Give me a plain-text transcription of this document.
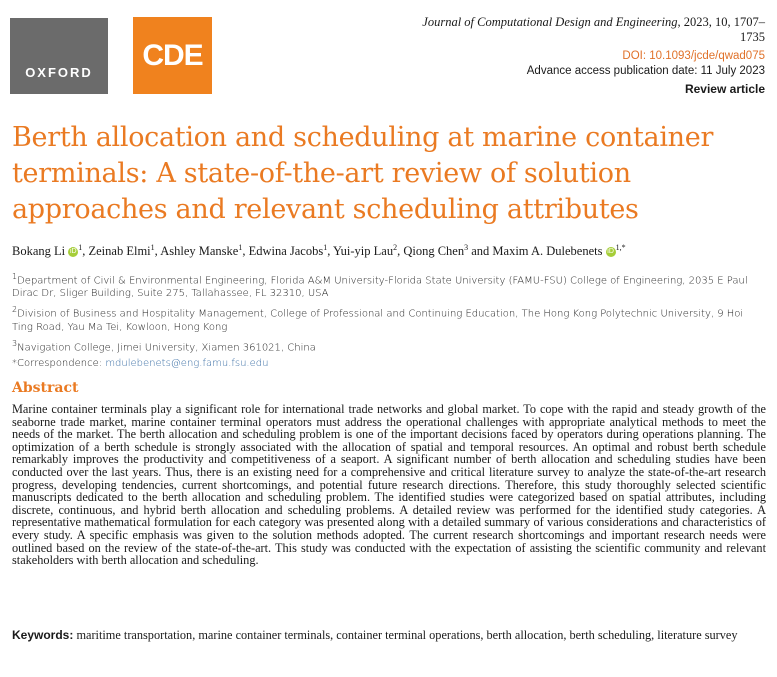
OXFORD
CDE
Journal of Computational Design and Engineering, 2023, 10, 1707–1735
DOI: 10.1093/jcde/qwad075
Advance access publication date: 11 July 2023
Review article
Berth allocation and scheduling at marine container terminals: A state-of-the-art review of solution approaches and relevant scheduling attributes
Bokang Li iD $^1$, Zeinab Elmi$^1$, Ashley Manske$^1$, Edwina Jacobs$^1$, Yui-yip Lau$^2$, Qiong Chen$^3$ and Maxim A. Dulebenets iD $^{1,*}$

$^1$Department of Civil & Environmental Engineering, Florida A&M University-Florida State University (FAMU-FSU) College of Engineering, 2035 E Paul Dirac Dr, Sliger Building, Suite 275, Tallahassee, FL 32310, USA

$^2$Division of Business and Hospitality Management, College of Professional and Continuing Education, The Hong Kong Polytechnic University, 9 Hoi Ting Road, Yau Ma Tei, Kowloon, Hong Kong

$^3$Navigation College, Jimei University, Xiamen 361021, China

*Correspondence: mdulebenets@eng.famu.fsu.edu

Abstract
Marine container terminals play a significant role for international trade networks and global market. To cope with the rapid and steady growth of the seaborne trade market, marine container terminal operators must address the operational challenges with appropriate analytical methods to meet the needs of the market. The berth allocation and scheduling problem is one of the important decisions faced by operators during operations planning. The optimization of a berth schedule is strongly associated with the allocation of spatial and temporal resources. An optimal and robust berth schedule remarkably improves the productivity and competitiveness of a seaport. A significant number of berth allocation and scheduling studies have been conducted over the last years. Thus, there is an existing need for a comprehensive and critical literature survey to analyze the state-of-the-art research progress, developing tendencies, current shortcomings, and potential future research directions. Therefore, this study thoroughly selected scientific manuscripts dedicated to the berth allocation and scheduling problem. The identified studies were categorized based on spatial attributes, including discrete, continuous, and hybrid berth allocation and scheduling problems. A detailed review was performed for the identified study categories. A representative mathematical formulation for each category was presented along with a detailed summary of various considerations and characteristics of every study. A specific emphasis was given to the solution methods adopted. The current research shortcomings and important research needs were outlined based on the review of the state-of-the-art. This study was conducted with the expectation of assisting the scientific community and relevant stakeholders with berth allocation and scheduling.
Keywords: maritime transportation, marine container terminals, container terminal operations, berth allocation, berth scheduling, literature survey
